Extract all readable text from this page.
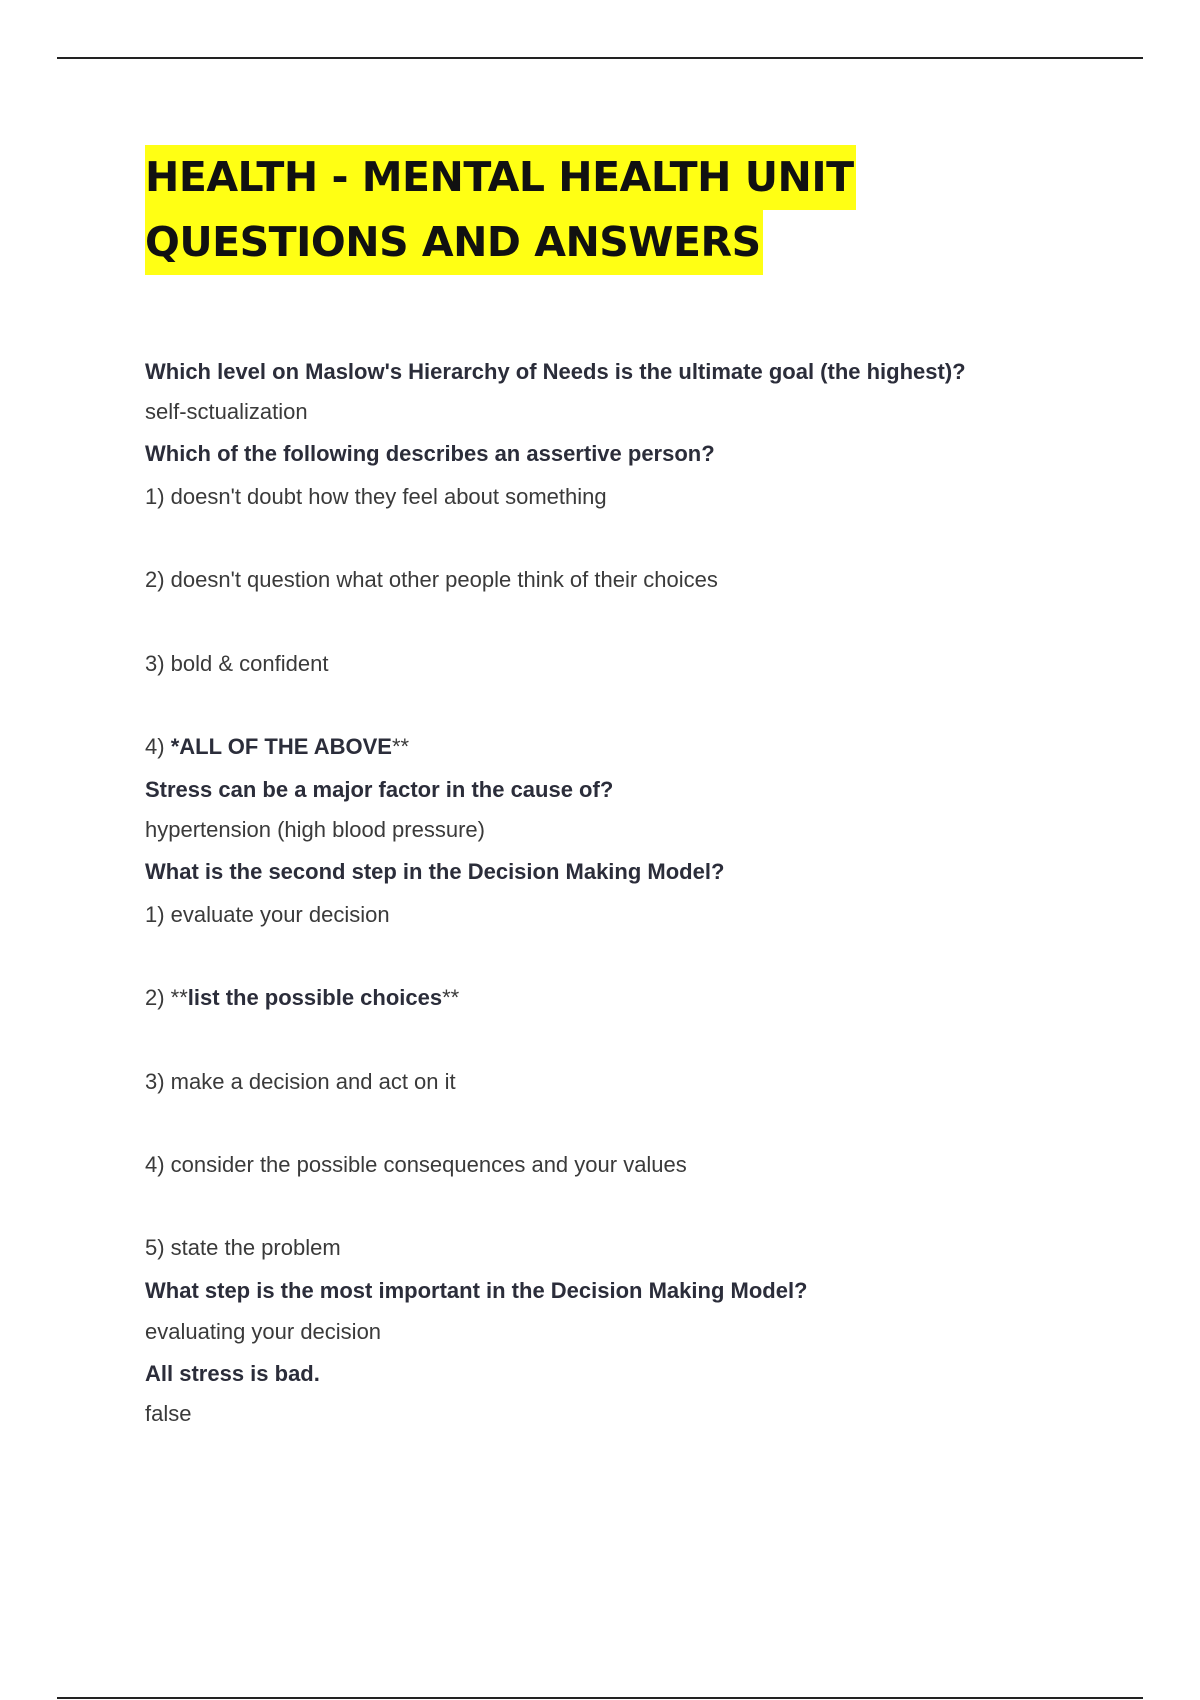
HEALTH - MENTAL HEALTH UNIT
QUESTIONS AND ANSWERS
Which level on Maslow's Hierarchy of Needs is the ultimate goal (the highest)?
self-sctualization
Which of the following describes an assertive person?
1) doesn't doubt how they feel about something
2) doesn't question what other people think of their choices
3) bold & confident
4) *ALL OF THE ABOVE**
Stress can be a major factor in the cause of?
hypertension (high blood pressure)
What is the second step in the Decision Making Model?
1) evaluate your decision
2) **list the possible choices**
3) make a decision and act on it
4) consider the possible consequences and your values
5) state the problem
What step is the most important in the Decision Making Model?
evaluating your decision
All stress is bad.
false
